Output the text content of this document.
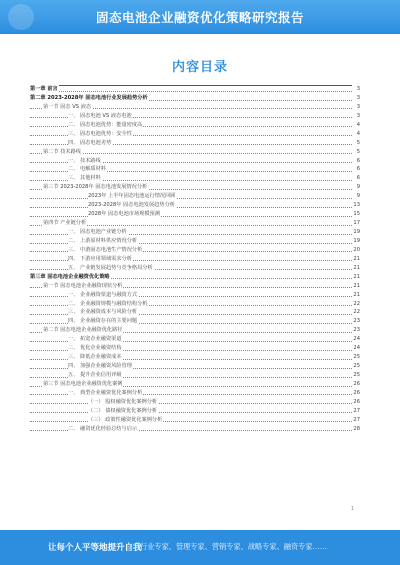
固态电池企业融资优化策略研究报告
内容目录
第一章 前言	3
第二章 2023-2028年 固态电池行业发展趋势分析	3
第一节 固态 VS 液态	3
一、 固态电池 VS 液态电池	3
二、 固态电池优势：能量密度高	4
三、 固态电池优势：安全性	4
四、 固态电池劣势	5
第二节 技术路线	5
一、 技术路线	6
二、 电解质材料	6
三、 其他材料	6
第三节 2023-2028年 固态电池发展情况分析	9
2023年 上半年固态电池运行情况回顾	9
2023-2028年 固态电池发展趋势分析	13
2028年 固态电池市场规模预测	15
第四节 产业链分析	17
一、 固态电池产业链分析	19
二、 上游原材料供应情况分析	19
三、 中游固态电池生产情况分析	20
四、 下游应用领域需求分析	21
五、 产业链发展趋势与竞争格局分析	21
第三章 固态电池企业融资优化策略	21
第一节 固态电池企业融资现状分析	21
一、 企业融资渠道与融资方式	21
二、 企业融资规模与融资结构分析	22
三、 企业融资成本与风险分析	22
四、 企业融资存在的主要问题	23
第二节 固态电池企业融资优化路径	23
一、 拓宽企业融资渠道	24
二、 优化企业融资结构	24
三、 降低企业融资成本	25
四、 加强企业融资风险管理	25
五、 提升企业信用评级	25
第三节 固态电池企业融资优化案例	26
一、 典型企业融资优化案例分析	26
（一） 股权融资优化案例分析	26
（二） 债权融资优化案例分析	27
（三） 政策性融资优化案例分析	27
二、 融资优化经验总结与启示	28
1
让每个人平等地提升自我
行业专家、管理专家、营销专家、战略专家、融资专家……
